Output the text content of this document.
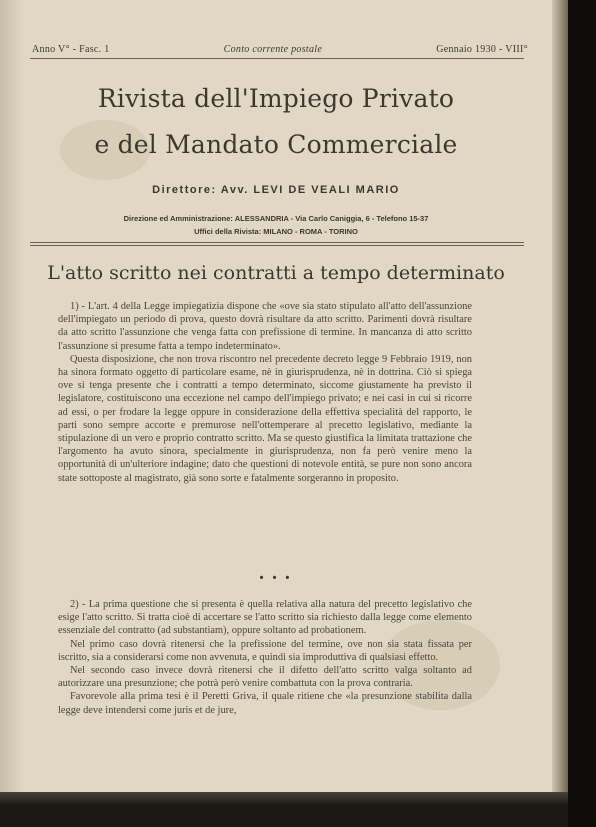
Anno V° - Fasc. 1	Conto corrente postale	Gennaio 1930 - VIII°
Rivista dell'Impiego Privato
e del Mandato Commerciale
Direttore: Avv. LEVI DE VEALI MARIO
Direzione ed Amministrazione: ALESSANDRIA - Via Carlo Caniggia, 6 - Telefono 15-37
Uffici della Rivista: MILANO - ROMA - TORINO
L'atto scritto nei contratti a tempo determinato

1) - L'art. 4 della Legge impiegatizia dispone che «ove sia stato stipulato all'atto dell'assunzione dell'impiegato un periodo di prova, questo dovrà risultare da atto scritto. Parimenti dovrà risultare da atto scritto l'assunzione che venga fatta con prefissione di termine. In mancanza di atto scritto l'assunzione si presume fatta a tempo indeterminato».

Questa disposizione, che non trova riscontro nel precedente decreto legge 9 Febbraio 1919, non ha sinora formato oggetto di particolare esame, nè in giurisprudenza, nè in dottrina. Ciò si spiega ove si tenga presente che i contratti a tempo determinato, siccome giustamente ha previsto il legislatore, costituiscono una eccezione nel campo dell'impiego privato; e nei casi in cui si ricorre ad essi, o per frodare la legge oppure in considerazione della effettiva specialità del rapporto, le parti sono sempre accorte e premurose nell'ottemperare al precetto legislativo, mediante la stipulazione di un vero e proprio contratto scritto. Ma se questo giustifica la limitata trattazione che l'argomento ha avuto sinora, specialmente in giurisprudenza, non fa però venire meno la opportunità di un'ulteriore indagine; dato che questioni di notevole entità, se pure non sono ancora state sottoposte al magistrato, già sono sorte e fatalmente sorgeranno in proposito.

• • •

2) - La prima questione che si presenta è quella relativa alla natura del precetto legislativo che esige l'atto scritto. Si tratta cioè di accertare se l'atto scritto sia richiesto dalla legge come elemento essenziale del contratto (ad substantiam), oppure soltanto ad probationem.

Nel primo caso dovrà ritenersi che la prefissione del termine, ove non sia stata fissata per iscritto, sia a considerarsi come non avvenuta, e quindi sia improduttiva di qualsiasi effetto.

Nel secondo caso invece dovrà ritenersi che il difetto dell'atto scritto valga soltanto ad autorizzare una presunzione; che potrà però venire combattuta con la prova contraria.

Favorevole alla prima tesi è il Peretti Griva, il quale ritiene che «la presunzione stabilita dalla legge deve intendersi come juris et de jure,
